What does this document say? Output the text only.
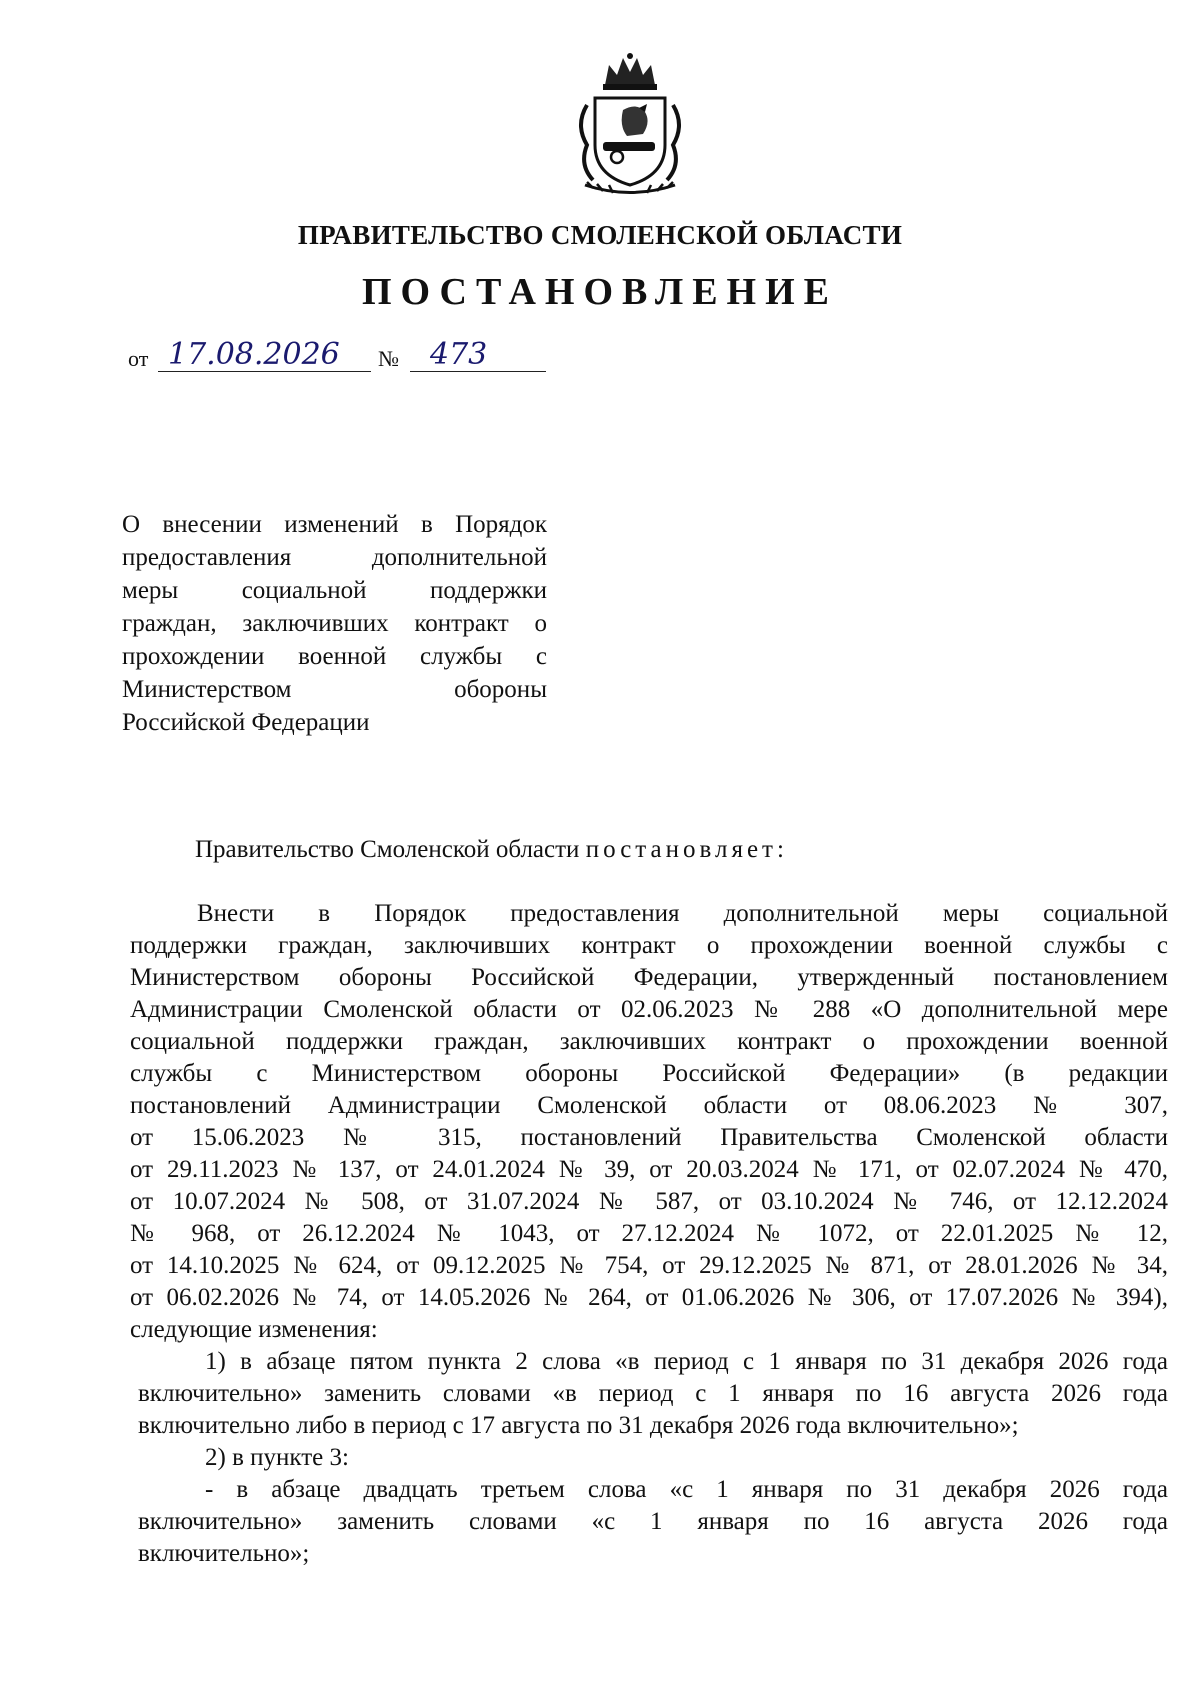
ПРАВИТЕЛЬСТВО СМОЛЕНСКОЙ ОБЛАСТИ
ПОСТАНОВЛЕНИЕ
от 17.08.2026	№	473
О внесении изменений в Порядок
предоставления дополнительной
меры социальной поддержки
граждан, заключивших контракт о
прохождении военной службы с
Министерством обороны
Российской Федерации
Правительство Смоленской области постановляет:
Внести в Порядок предоставления дополнительной меры социальной
поддержки граждан, заключивших контракт о прохождении военной службы с
Министерством обороны Российской Федерации, утвержденный постановлением
Администрации Смоленской области от 02.06.2023 № 288 «О дополнительной мере
социальной поддержки граждан, заключивших контракт о прохождении военной
службы с Министерством обороны Российской Федерации» (в редакции
постановлений Администрации Смоленской области от 08.06.2023 № 307,
от 15.06.2023 № 315, постановлений Правительства Смоленской области
от 29.11.2023 № 137, от 24.01.2024 № 39, от 20.03.2024 № 171, от 02.07.2024 № 470,
от 10.07.2024 № 508, от 31.07.2024 № 587, от 03.10.2024 № 746, от 12.12.2024
№ 968, от 26.12.2024 № 1043, от 27.12.2024 № 1072, от 22.01.2025 № 12,
от 14.10.2025 № 624, от 09.12.2025 № 754, от 29.12.2025 № 871, от 28.01.2026 № 34,
от 06.02.2026 № 74, от 14.05.2026 № 264, от 01.06.2026 № 306, от 17.07.2026 № 394),
следующие изменения:
1) в абзаце пятом пункта 2 слова «в период с 1 января по 31 декабря 2026 года
включительно» заменить словами «в период с 1 января по 16 августа 2026 года
включительно либо в период с 17 августа по 31 декабря 2026 года включительно»;
2) в пункте 3:
- в абзаце двадцать третьем слова «с 1 января по 31 декабря 2026 года
включительно» заменить словами «с 1 января по 16 августа 2026 года
включительно»;
